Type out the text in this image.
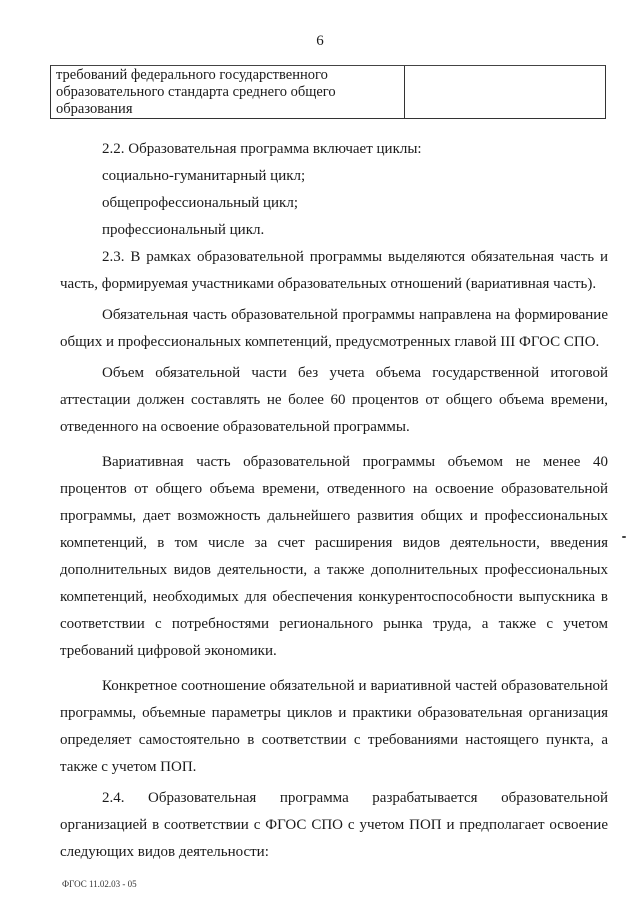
6
требований федерального государственного
образовательного стандарта среднего общего
образования

2.2. Образовательная программа включает циклы:

социально-гуманитарный цикл;

общепрофессиональный цикл;

профессиональный цикл.

2.3. В рамках образовательной программы выделяются обязательная часть и часть, формируемая участниками образовательных отношений (вариативная часть).

Обязательная часть образовательной программы направлена на формирование общих и профессиональных компетенций, предусмотренных главой III ФГОС СПО.

Объем обязательной части без учета объема государственной итоговой аттестации должен составлять не более 60 процентов от общего объема времени, отведенного на освоение образовательной программы.

Вариативная часть образовательной программы объемом не менее 40 процентов от общего объема времени, отведенного на освоение образовательной программы, дает возможность дальнейшего развития общих и профессиональных компетенций, в том числе за счет расширения видов деятельности, введения дополнительных видов деятельности, а также дополнительных профессиональных компетенций, необходимых для обеспечения конкурентоспособности выпускника в соответствии с потребностями регионального рынка труда, а также с учетом требований цифровой экономики.

Конкретное соотношение обязательной и вариативной частей образовательной программы, объемные параметры циклов и практики образовательная организация определяет самостоятельно в соответствии с требованиями настоящего пункта, а также с учетом ПОП.

2.4. Образовательная программа разрабатывается образовательной организацией в соответствии с ФГОС СПО с учетом ПОП и предполагает освоение следующих видов деятельности:

ФГОС 11.02.03 - 05
